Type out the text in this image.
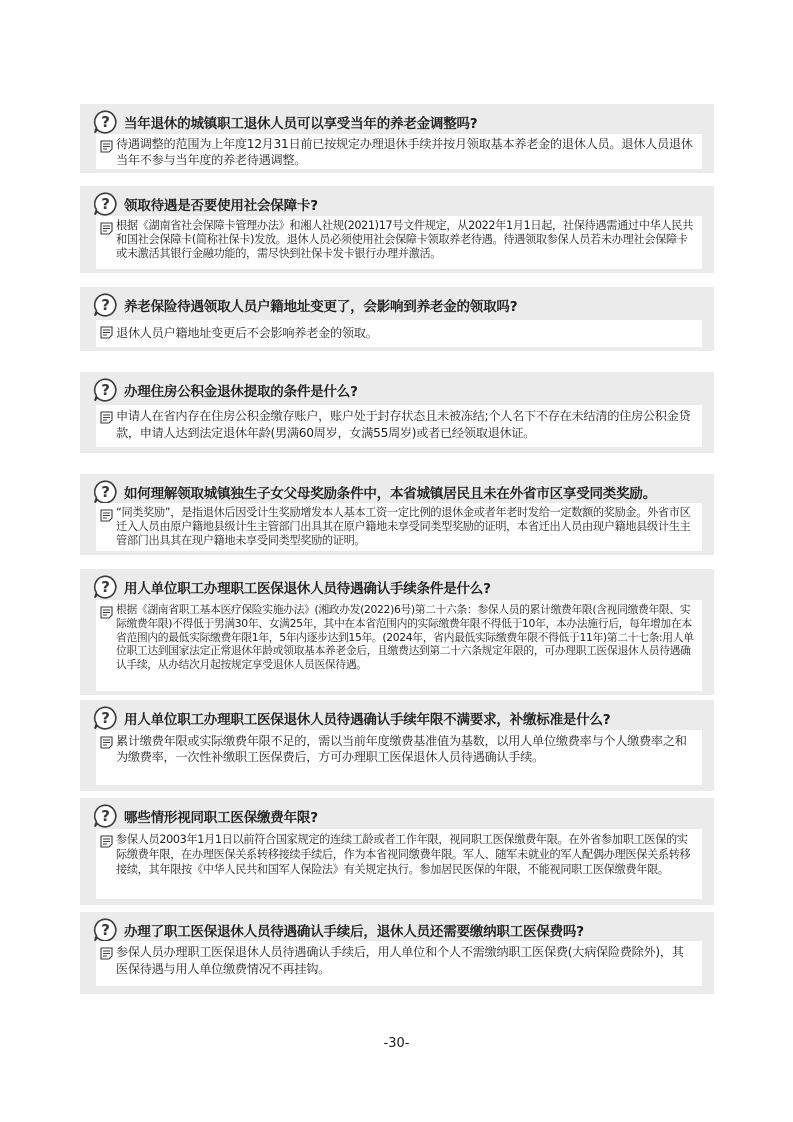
? 当年退休的城镇职工退休人员可以享受当年的养老金调整吗?
待遇调整的范围为上年度12月31日前已按规定办理退休手续并按月领取基本养老金的退休人员。退休人员退休当年不参与当年度的养老待遇调整。
? 领取待遇是否要使用社会保障卡?
根据《湖南省社会保障卡管理办法》和湘人社规(2021)17号文件规定，从2022年1月1日起，社保待遇需通过中华人民共和国社会保障卡(简称社保卡)发放。退休人员必须使用社会保障卡领取养老待遇。待遇领取参保人员若未办理社会保障卡或未激活其银行金融功能的，需尽快到社保卡发卡银行办理并激活。
? 养老保险待遇领取人员户籍地址变更了，会影响到养老金的领取吗?
退休人员户籍地址变更后不会影响养老金的领取。
? 办理住房公积金退休提取的条件是什么?
申请人在省内存在住房公积金缴存账户，账户处于封存状态且未被冻结;个人名下不存在未结清的住房公积金贷款，申请人达到法定退休年龄(男满60周岁，女满55周岁)或者已经领取退休证。
? 如何理解领取城镇独生子女父母奖励条件中，本省城镇居民且未在外省市区享受同类奖励。
“同类奖励”，是指退休后因受计生奖励增发本人基本工资一定比例的退休金或者年老时发给一定数额的奖励金。外省市区迁入人员由原户籍地县级计生主管部门出具其在原户籍地未享受同类型奖励的证明，本省迁出人员由现户籍地县级计生主管部门出具其在现户籍地未享受同类型奖励的证明。
? 用人单位职工办理职工医保退休人员待遇确认手续条件是什么?
根据《湖南省职工基本医疗保险实施办法》(湘政办发(2022)6号)第二十六条：参保人员的累计缴费年限(含视同缴费年限、实际缴费年限)不得低于男满30年、女满25年，其中在本省范围内的实际缴费年限不得低于10年，本办法施行后，每年增加在本省范围内的最低实际缴费年限1年，5年内逐步达到15年。(2024年，省内最低实际缴费年限不得低于11年)第二十七条:用人单位职工达到国家法定正常退休年龄或领取基本养老金后，且缴费达到第二十六条规定年限的，可办理职工医保退休人员待遇确认手续，从办结次月起按规定享受退休人员医保待遇。
? 用人单位职工办理职工医保退休人员待遇确认手续年限不满要求，补缴标准是什么?
累计缴费年限或实际缴费年限不足的，需以当前年度缴费基准值为基数，以用人单位缴费率与个人缴费率之和为缴费率，一次性补缴职工医保费后，方可办理职工医保退休人员待遇确认手续。
? 哪些情形视同职工医保缴费年限?
参保人员2003年1月1日以前符合国家规定的连续工龄或者工作年限，视同职工医保缴费年限。在外省参加职工医保的实际缴费年限，在办理医保关系转移接续手续后，作为本省视同缴费年限。军人、随军未就业的军人配偶办理医保关系转移接续，其年限按《中华人民共和国军人保险法》有关规定执行。参加居民医保的年限，不能视同职工医保缴费年限。
? 办理了职工医保退休人员待遇确认手续后，退休人员还需要缴纳职工医保费吗?
参保人员办理职工医保退休人员待遇确认手续后，用人单位和个人不需缴纳职工医保费(大病保险费除外)，其医保待遇与用人单位缴费情况不再挂钩。
-30-
